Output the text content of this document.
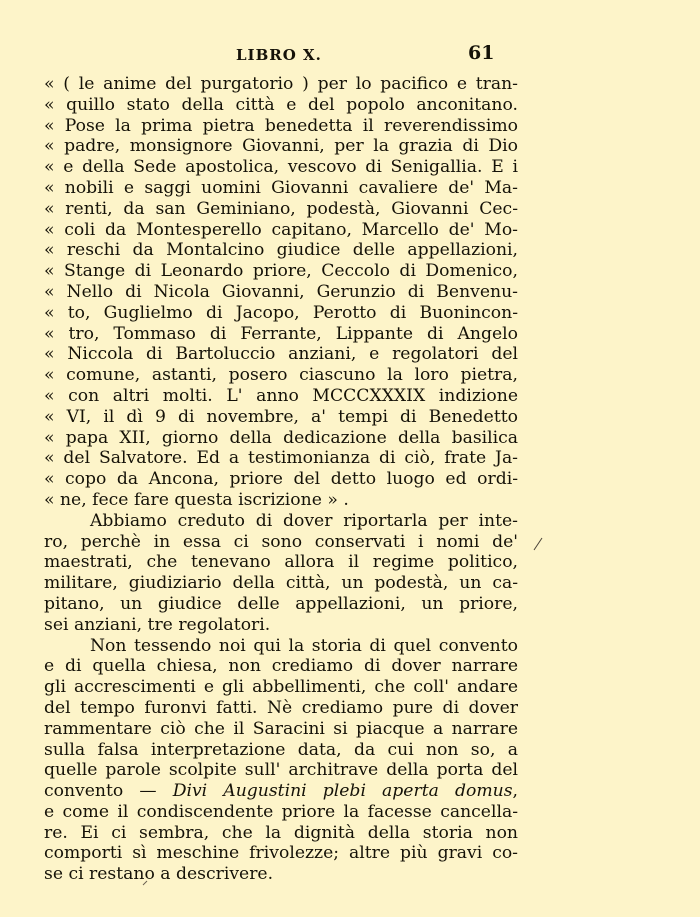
LIBRO X.	61
« ( le anime del purgatorio ) per lo pacifico e tran-
« quillo stato della città e del popolo anconitano.
« Pose la prima pietra benedetta il reverendissimo
« padre, monsignore Giovanni, per la grazia di Dio
« e della Sede apostolica, vescovo di Senigallia. E i
« nobili e saggi uomini Giovanni cavaliere de' Ma-
« renti, da san Geminiano, podestà, Giovanni Cec-
« coli da Montesperello capitano, Marcello de' Mo-
« reschi da Montalcino giudice delle appellazioni,
« Stange di Leonardo priore, Ceccolo di Domenico,
« Nello di Nicola Giovanni, Gerunzio di Benvenu-
« to, Guglielmo di Jacopo, Perotto di Buonincon-
« tro, Tommaso di Ferrante, Lippante di Angelo
« Niccola di Bartoluccio anziani, e regolatori del
« comune, astanti, posero ciascuno la loro pietra,
« con altri molti. L' anno MCCCXXXIX indizione
« VI, il dì 9 di novembre, a' tempi di Benedetto
« papa XII, giorno della dedicazione della basilica
« del Salvatore. Ed a testimonianza di ciò, frate Ja-
« copo da Ancona, priore del detto luogo ed ordi-
« ne, fece fare questa iscrizione » .
Abbiamo creduto di dover riportarla per inte-
ro, perchè in essa ci sono conservati i nomi de'
maestrati, che tenevano allora il regime politico,
militare, giudiziario della città, un podestà, un ca-
pitano, un giudice delle appellazioni, un priore,
sei anziani, tre regolatori.
Non tessendo noi qui la storia di quel convento
e di quella chiesa, non crediamo di dover narrare
gli accrescimenti e gli abbellimenti, che coll' andare
del tempo furonvi fatti. Nè crediamo pure di dover
rammentare ciò che il Saracini si piacque a narrare
sulla falsa interpretazione data, da cui non so, a
quelle parole scolpite sull' architrave della porta del
convento — Divi Augustini plebi aperta domus,
e come il condiscendente priore la facesse cancella-
re. Ei ci sembra, che la dignità della storia non
comporti sì meschine frivolezze; altre più gravi co-
se ci restano a descrivere.
